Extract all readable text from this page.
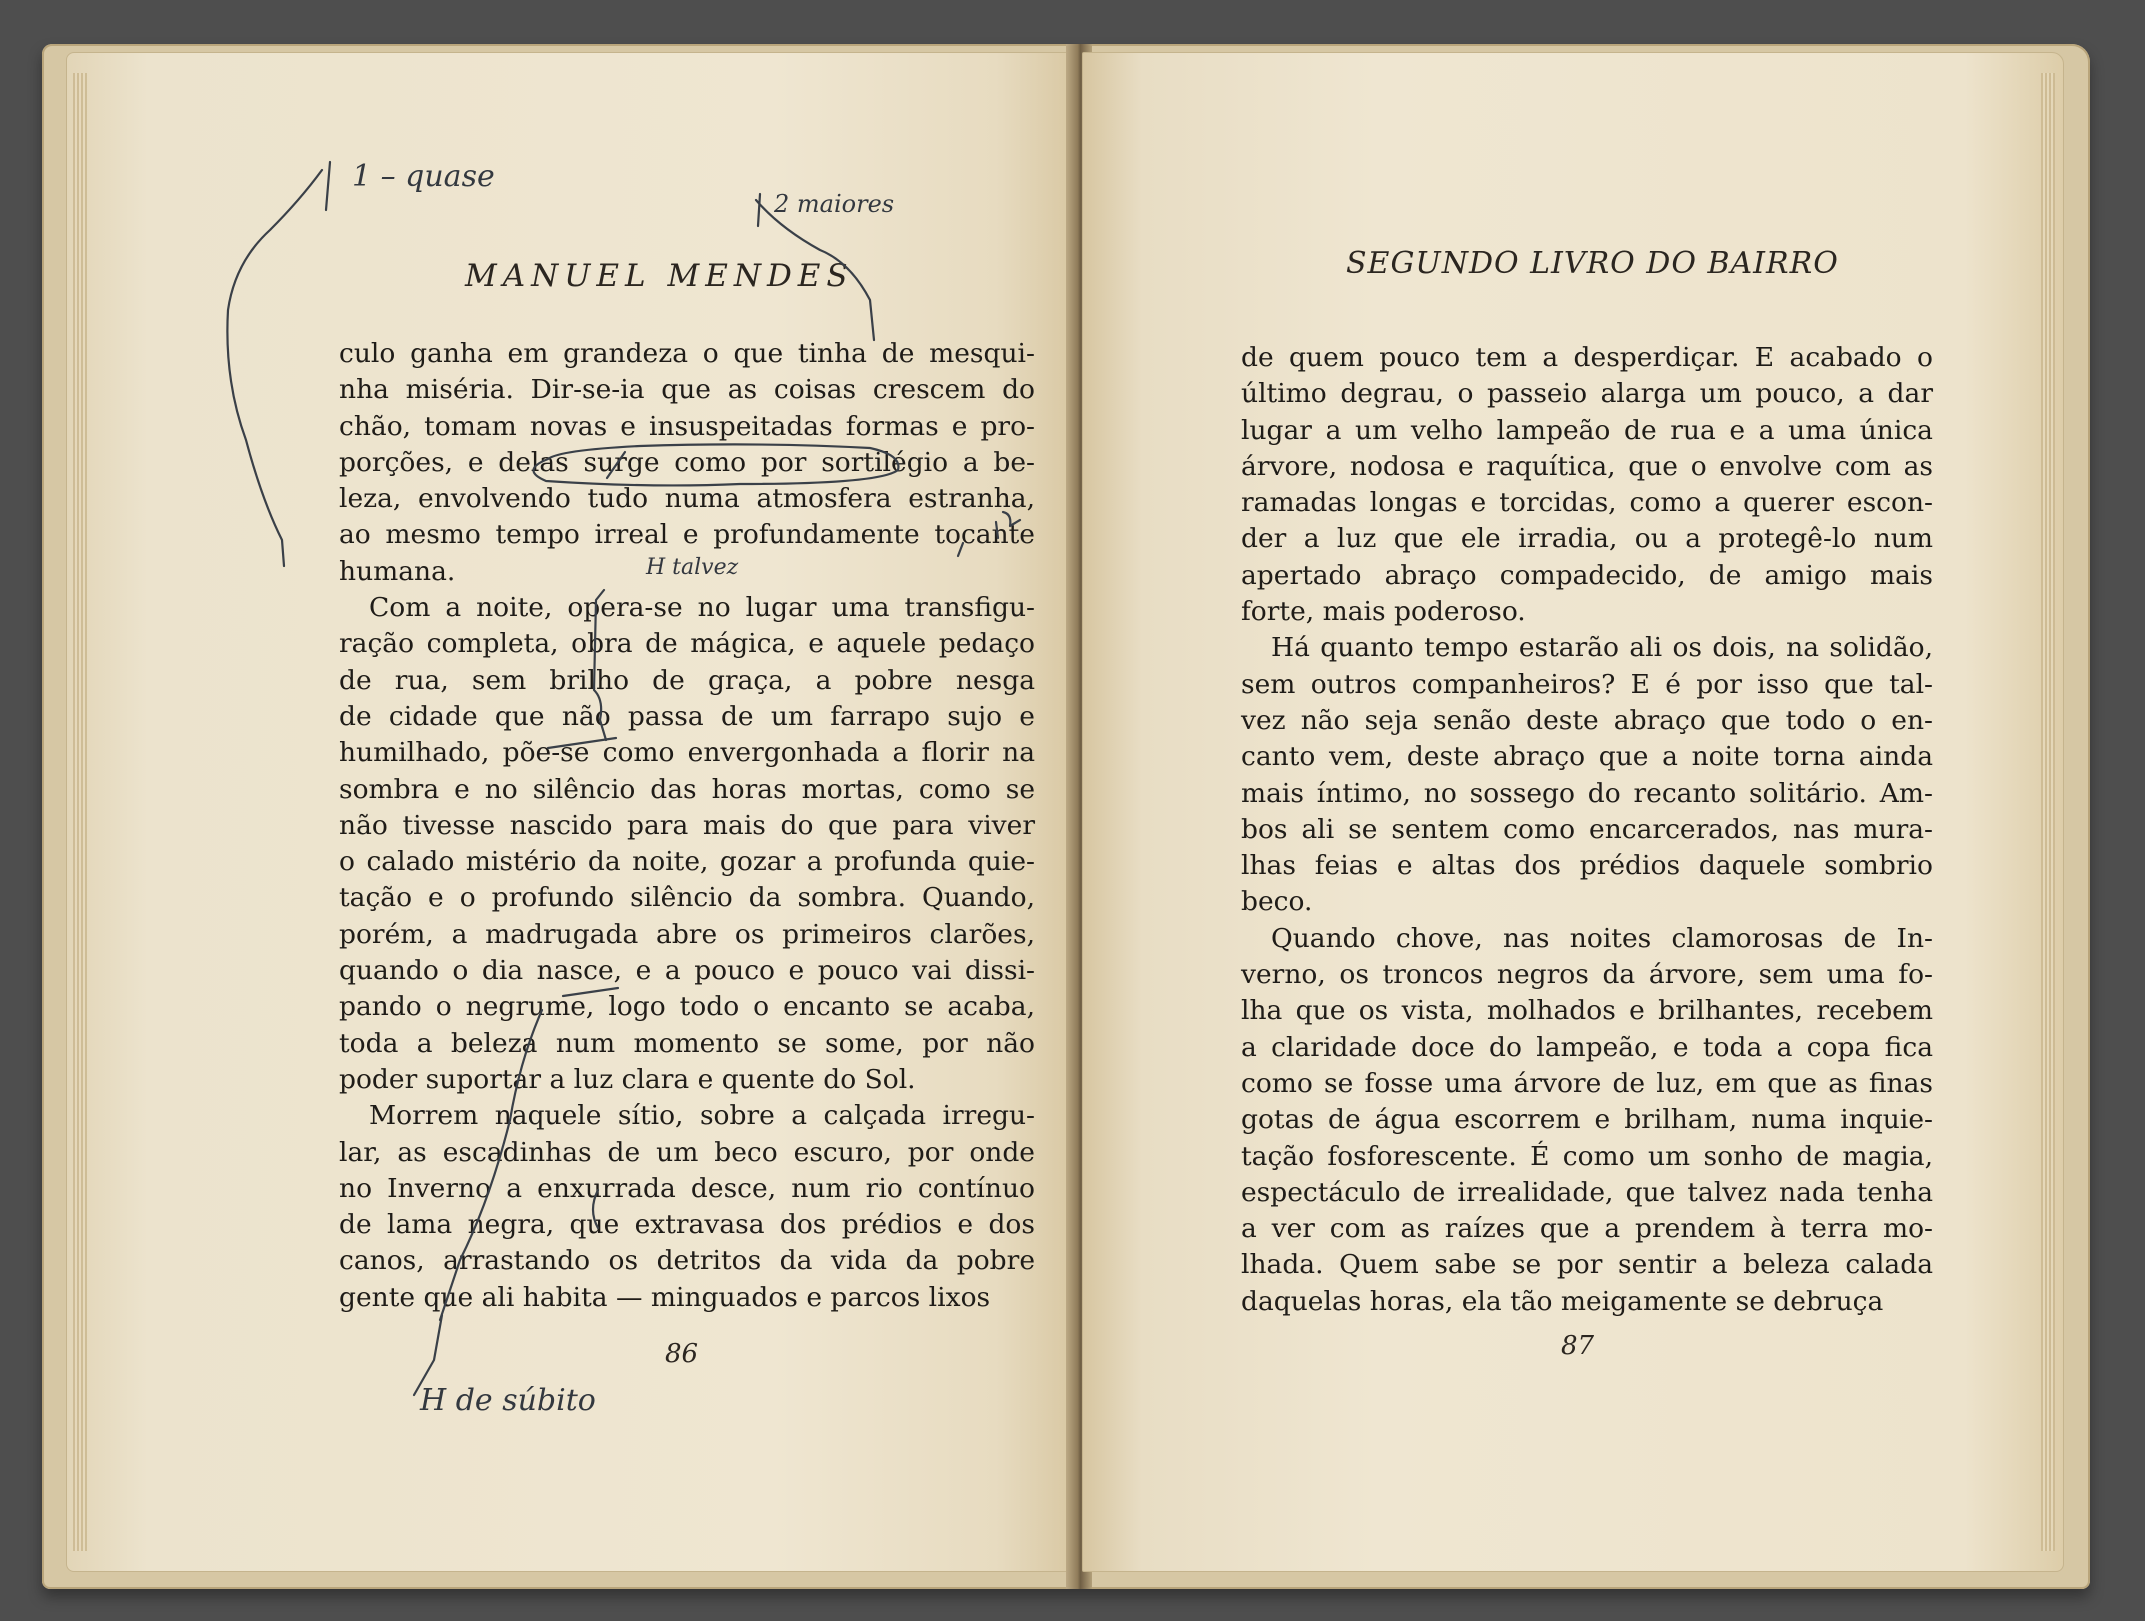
MANUEL MENDES
culo ganha em grandeza o que tinha de mesqui-
nha miséria. Dir-se-ia que as coisas crescem do
chão, tomam novas e insuspeitadas formas e pro-
porções, e delas surge como por sortilégio a be-
leza, envolvendo tudo numa atmosfera estranha,
ao mesmo tempo irreal e profundamente tocante
humana.
Com a noite, opera-se no lugar uma transfigu-
ração completa, obra de mágica, e aquele pedaço
de rua, sem brilho de graça, a pobre nesga
de cidade que não passa de um farrapo sujo e
humilhado, põe-se como envergonhada a florir na
sombra e no silêncio das horas mortas, como se
não tivesse nascido para mais do que para viver
o calado mistério da noite, gozar a profunda quie-
tação e o profundo silêncio da sombra. Quando,
porém, a madrugada abre os primeiros clarões,
quando o dia nasce, e a pouco e pouco vai dissi-
pando o negrume, logo todo o encanto se acaba,
toda a beleza num momento se some, por não
poder suportar a luz clara e quente do Sol.
Morrem naquele sítio, sobre a calçada irregu-
lar, as escadinhas de um beco escuro, por onde
no Inverno a enxurrada desce, num rio contínuo
de lama negra, que extravasa dos prédios e dos
canos, arrastando os detritos da vida da pobre
gente que ali habita — minguados e parcos lixos
86
SEGUNDO LIVRO DO BAIRRO
de quem pouco tem a desperdiçar. E acabado o
último degrau, o passeio alarga um pouco, a dar
lugar a um velho lampeão de rua e a uma única
árvore, nodosa e raquítica, que o envolve com as
ramadas longas e torcidas, como a querer escon-
der a luz que ele irradia, ou a protegê-lo num
apertado abraço compadecido, de amigo mais
forte, mais poderoso.
Há quanto tempo estarão ali os dois, na solidão,
sem outros companheiros? E é por isso que tal-
vez não seja senão deste abraço que todo o en-
canto vem, deste abraço que a noite torna ainda
mais íntimo, no sossego do recanto solitário. Am-
bos ali se sentem como encarcerados, nas mura-
lhas feias e altas dos prédios daquele sombrio
beco.
Quando chove, nas noites clamorosas de In-
verno, os troncos negros da árvore, sem uma fo-
lha que os vista, molhados e brilhantes, recebem
a claridade doce do lampeão, e toda a copa fica
como se fosse uma árvore de luz, em que as finas
gotas de água escorrem e brilham, numa inquie-
tação fosforescente. É como um sonho de magia,
espectáculo de irrealidade, que talvez nada tenha
a ver com as raízes que a prendem à terra mo-
lhada. Quem sabe se por sentir a beleza calada
daquelas horas, ela tão meigamente se debruça
87
1 – quase
2 maiores
H talvez
H de súbito
